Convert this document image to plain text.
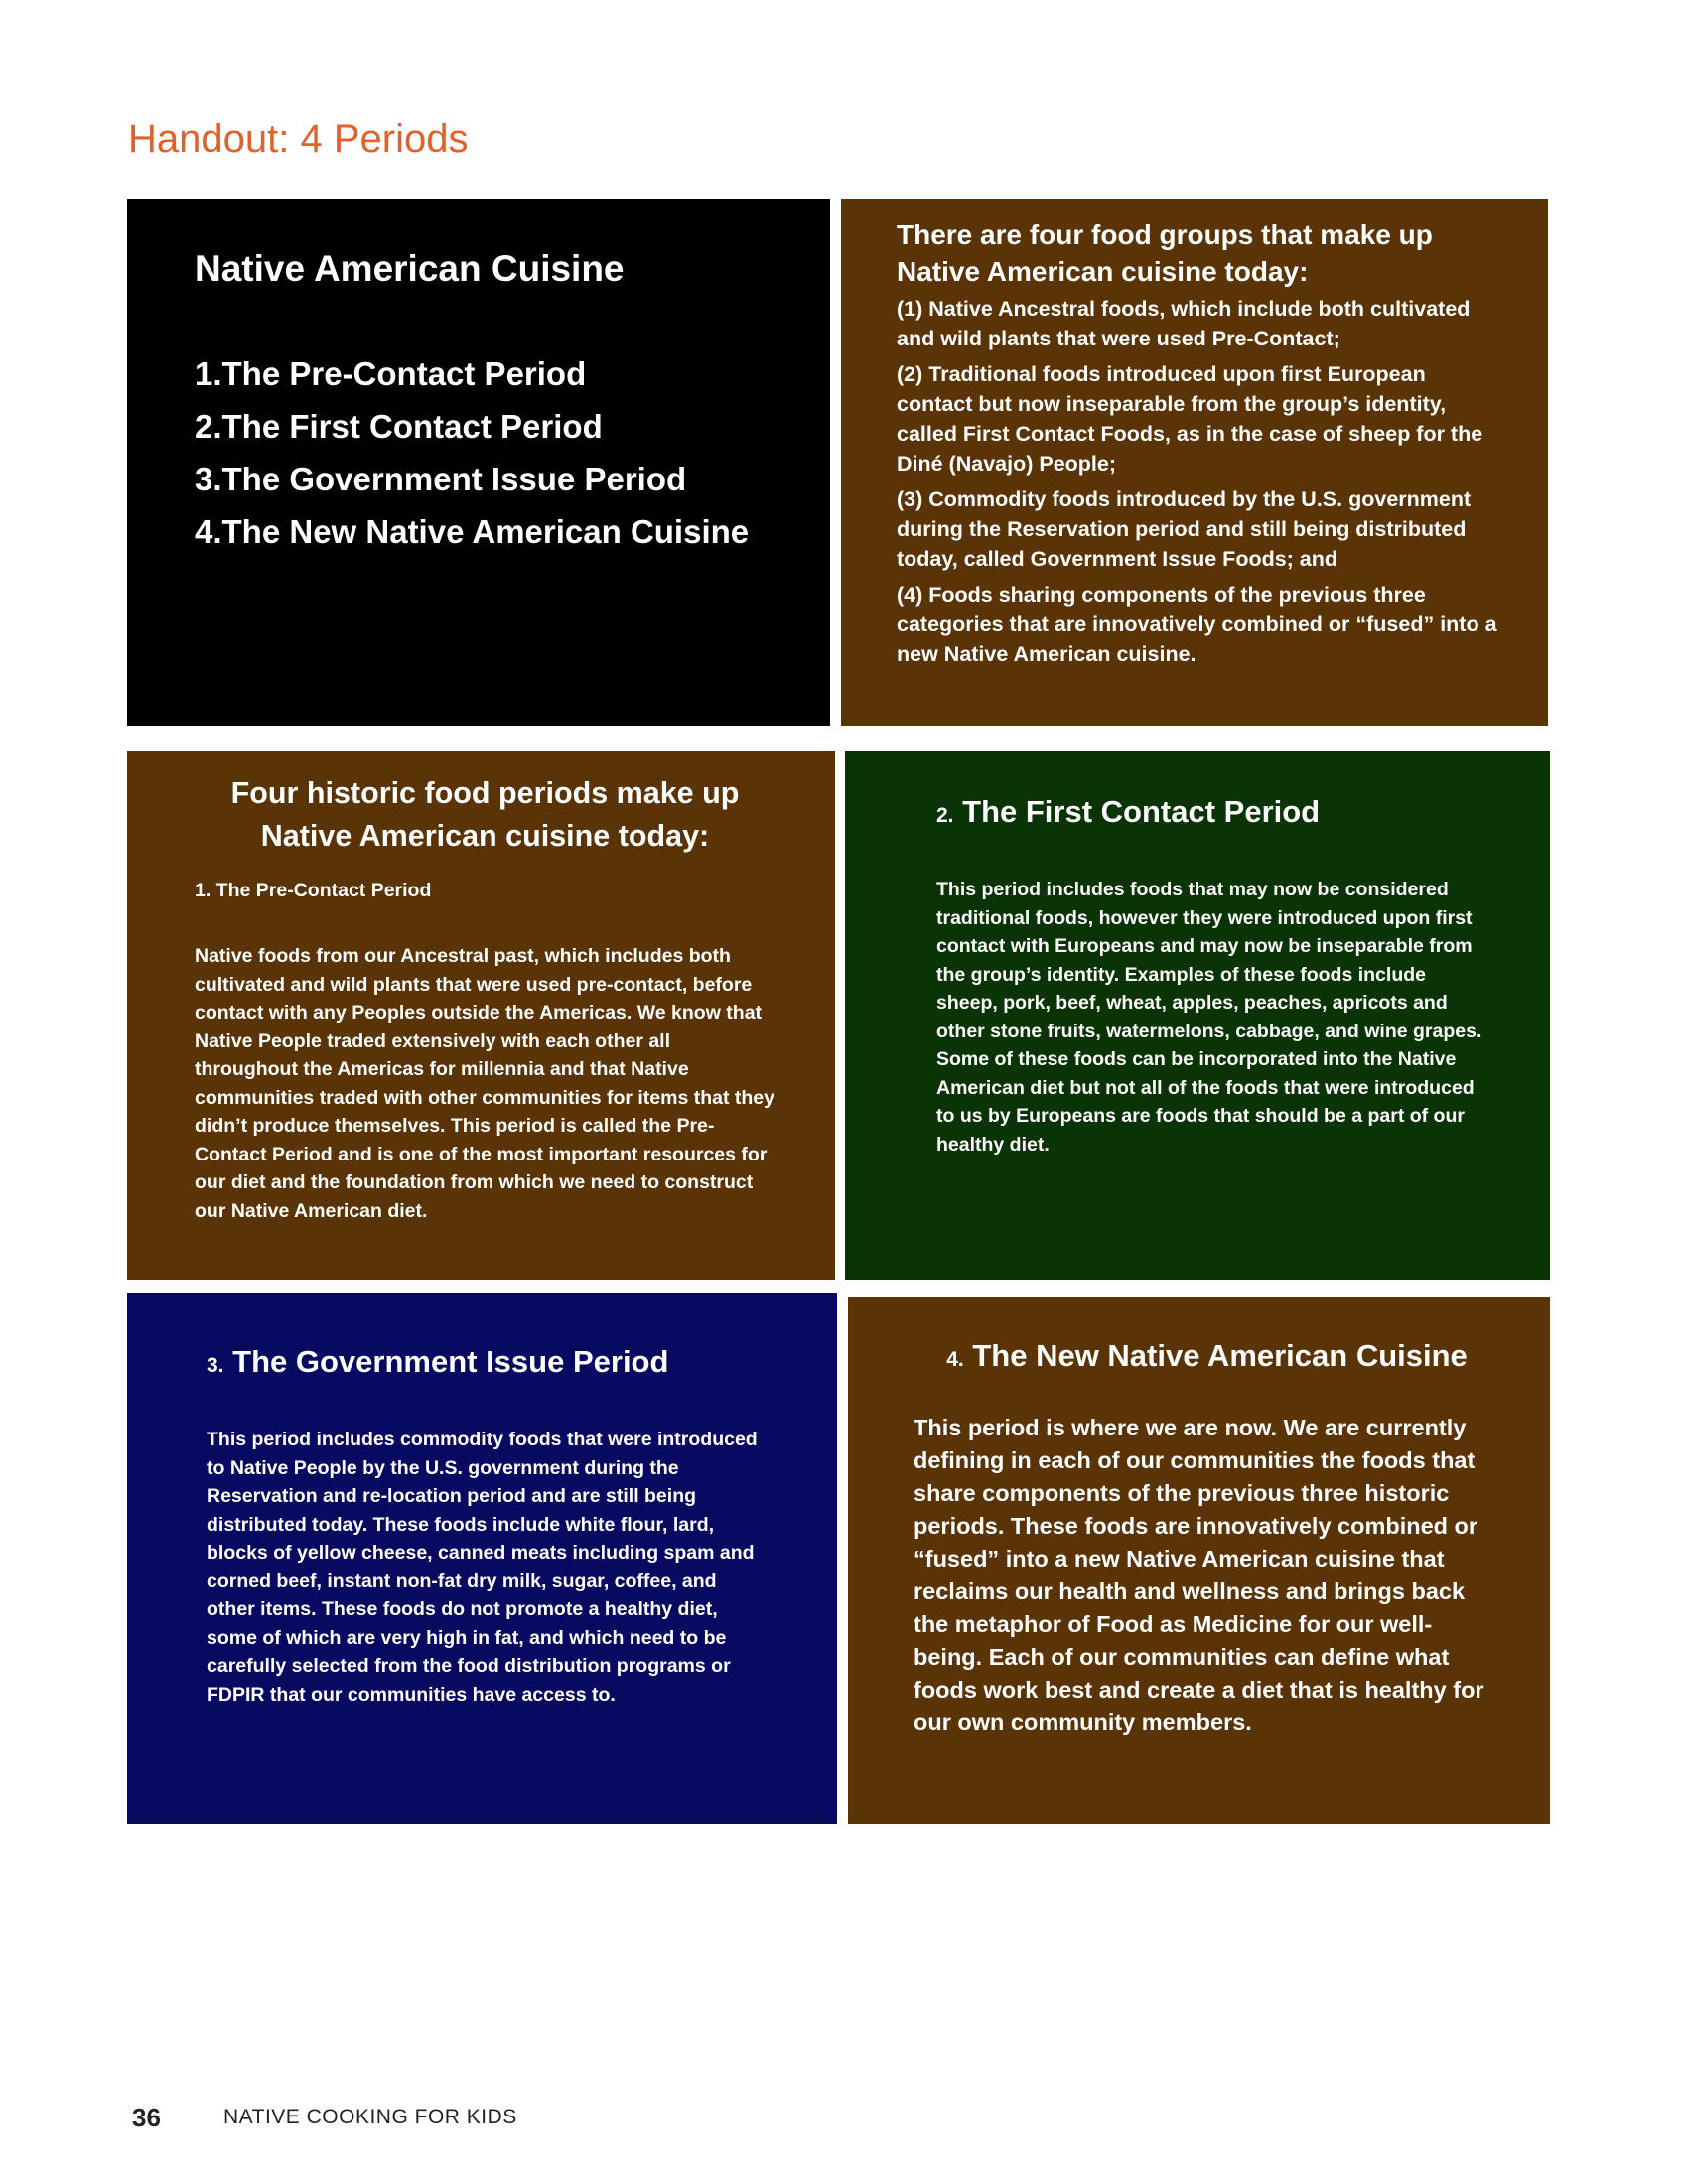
Handout: 4 Periods
Native American Cuisine
1.The Pre-Contact Period
2.The First Contact Period
3.The Government Issue Period
4.The New Native American Cuisine
There are four food groups that make up Native American cuisine today:

(1) Native Ancestral foods, which include both cultivated and wild plants that were used Pre-Contact;

(2) Traditional foods introduced upon first European contact but now inseparable from the group’s identity, called First Contact Foods, as in the case of sheep for the Diné (Navajo) People;

(3) Commodity foods introduced by the U.S. government during the Reservation period and still being distributed today, called Government Issue Foods; and

(4) Foods sharing components of the previous three categories that are innovatively combined or “fused” into a new Native American cuisine.

Four historic food periods make up Native American cuisine today:
1. The Pre-Contact Period

Native foods from our Ancestral past, which includes both cultivated and wild plants that were used pre-contact, before contact with any Peoples outside the Americas. We know that Native People traded extensively with each other all throughout the Americas for millennia and that Native communities traded with other communities for items that they didn’t produce themselves. This period is called the Pre-Contact Period and is one of the most important resources for our diet and the foundation from which we need to construct our Native American diet.

2. The First Contact Period

This period includes foods that may now be considered traditional foods, however they were introduced upon first contact with Europeans and may now be inseparable from the group’s identity. Examples of these foods include sheep, pork, beef, wheat, apples, peaches, apricots and other stone fruits, watermelons, cabbage, and wine grapes. Some of these foods can be incorporated into the Native American diet but not all of the foods that were introduced to us by Europeans are foods that should be a part of our healthy diet.

3. The Government Issue Period

This period includes commodity foods that were introduced to Native People by the U.S. government during the Reservation and re-location period and are still being distributed today. These foods include white flour, lard, blocks of yellow cheese, canned meats including spam and corned beef, instant non-fat dry milk, sugar, coffee, and other items. These foods do not promote a healthy diet, some of which are very high in fat, and which need to be carefully selected from the food distribution programs or FDPIR that our communities have access to.

4. The New Native American Cuisine

This period is where we are now. We are currently defining in each of our communities the foods that share components of the previous three historic periods. These foods are innovatively combined or “fused” into a new Native American cuisine that reclaims our health and wellness and brings back the metaphor of Food as Medicine for our well-being. Each of our communities can define what foods work best and create a diet that is healthy for our own community members.

36	NATIVE COOKING FOR KIDS
